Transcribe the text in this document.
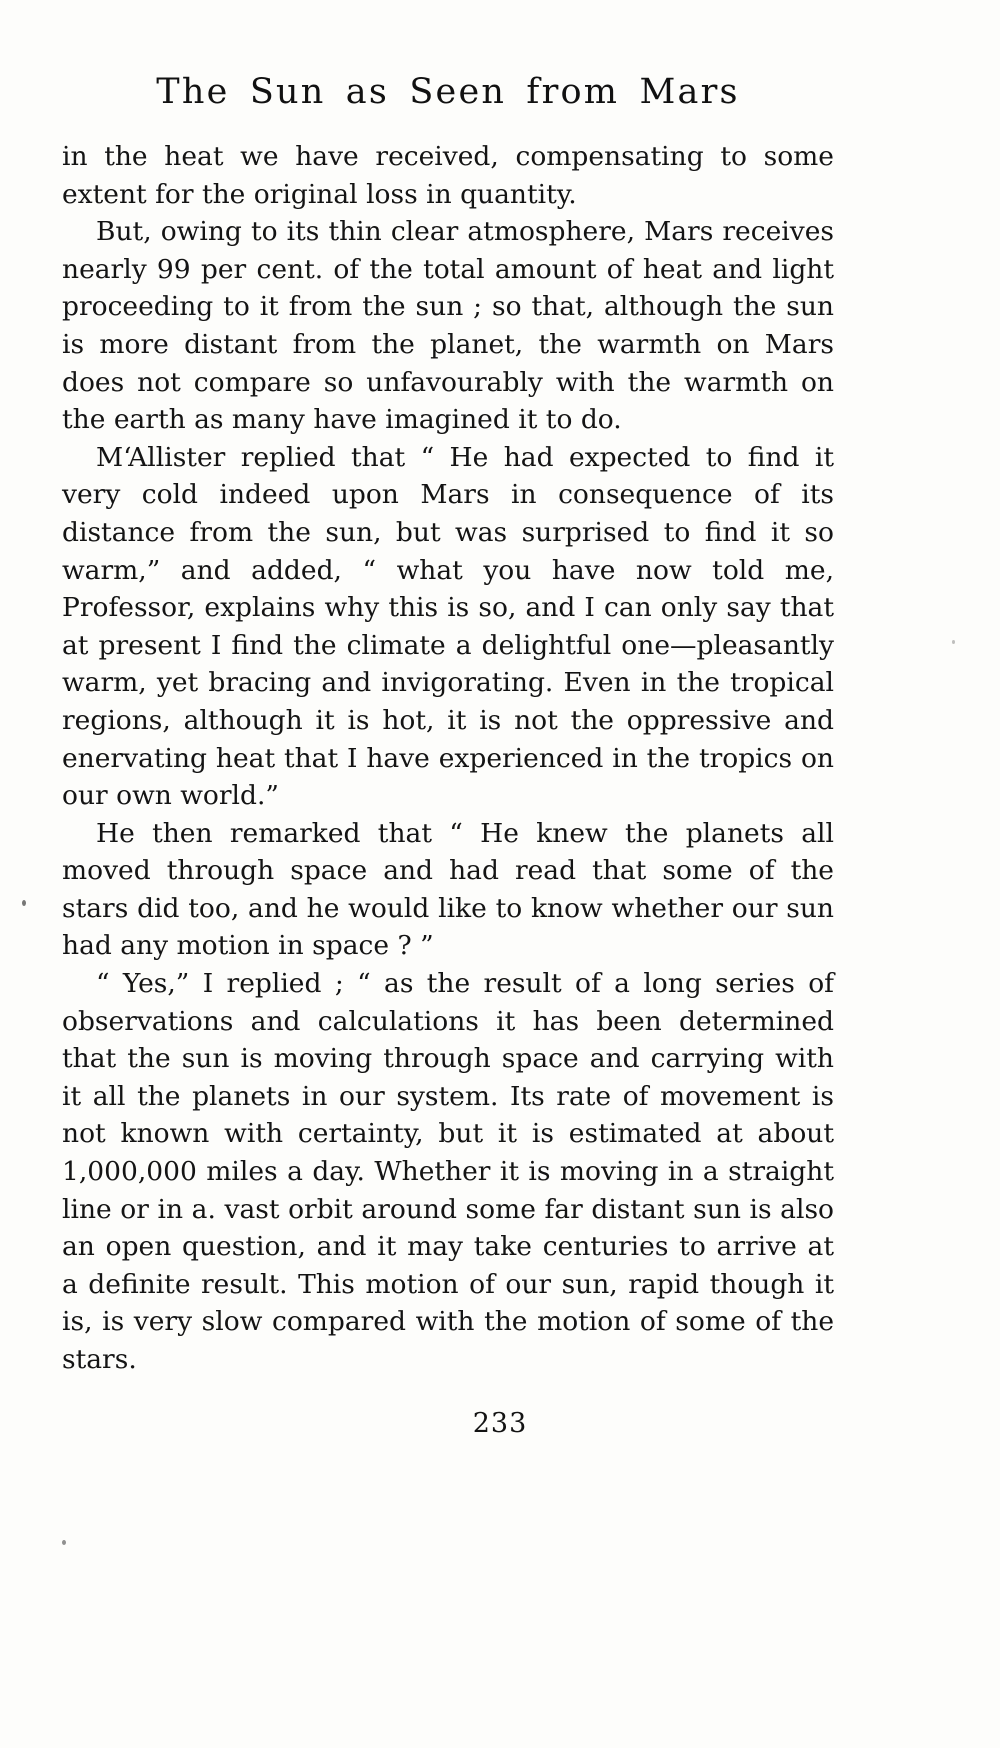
The Sun as Seen from Mars

in the heat we have received, compensating to some extent for the original loss in quantity.

But, owing to its thin clear atmosphere, Mars receives nearly 99 per cent. of the total amount of heat and light proceeding to it from the sun ; so that, although the sun is more distant from the planet, the warmth on Mars does not compare so unfavourably with the warmth on the earth as many have imagined it to do.

M‘Allister replied that “ He had expected to find it very cold indeed upon Mars in consequence of its distance from the sun, but was surprised to find it so warm,” and added, “ what you have now told me, Professor, explains why this is so, and I can only say that at present I find the climate a delightful one—pleasantly warm, yet bracing and invigorating. Even in the tropical regions, although it is hot, it is not the oppressive and enervating heat that I have experienced in the tropics on our own world.”

He then remarked that “ He knew the planets all moved through space and had read that some of the stars did too, and he would like to know whether our sun had any motion in space ? ”

“ Yes,” I replied ; “ as the result of a long series of observations and calculations it has been determined that the sun is moving through space and carrying with it all the planets in our system. Its rate of movement is not known with certainty, but it is estimated at about 1,000,000 miles a day. Whether it is moving in a straight line or in a. vast orbit around some far distant sun is also an open question, and it may take centuries to arrive at a definite result. This motion of our sun, rapid though it is, is very slow compared with the motion of some of the stars.

233
